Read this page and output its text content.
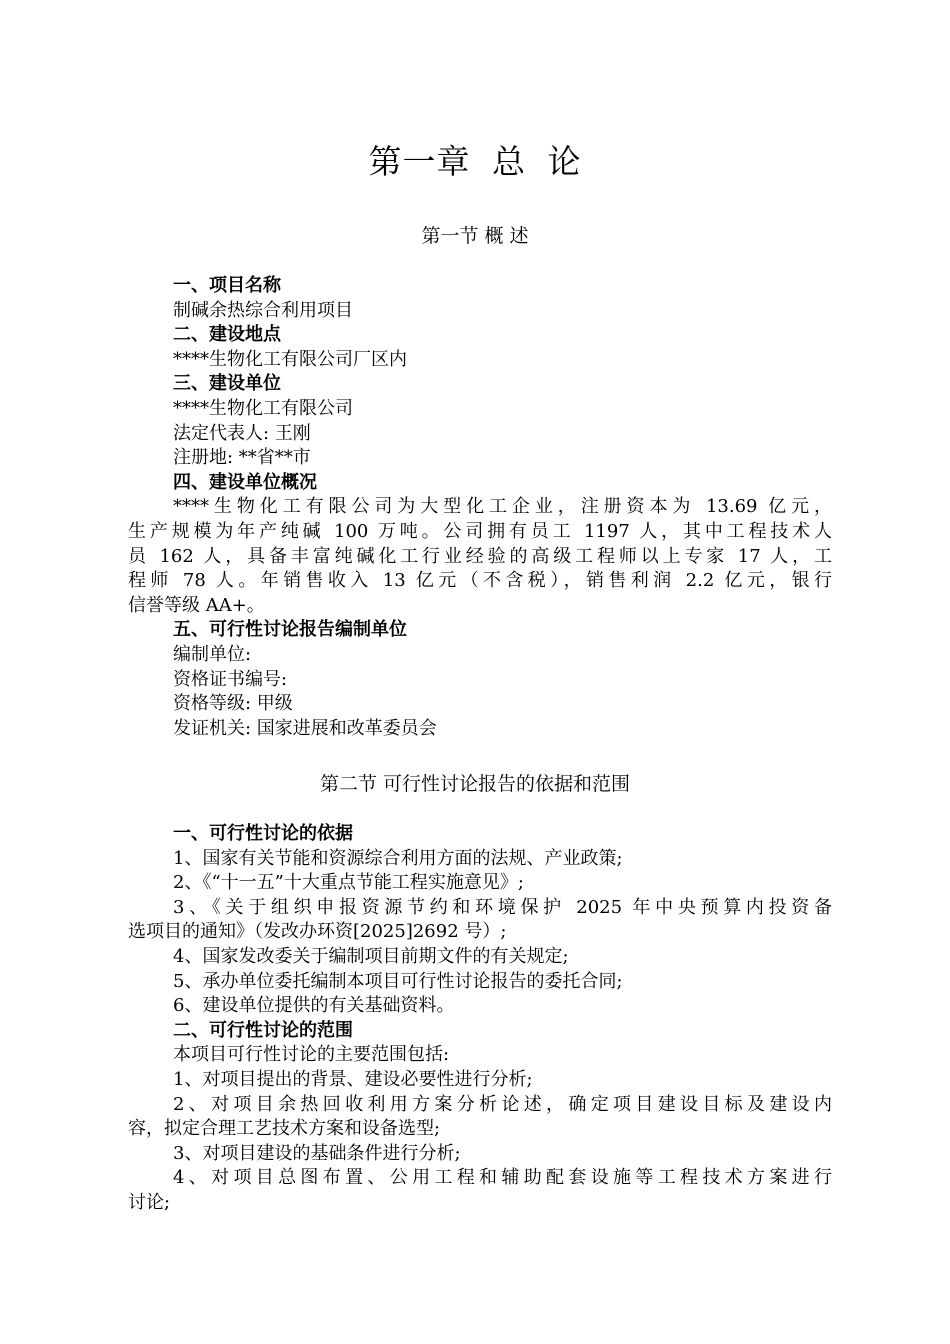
第一章 总 论
第一节 概 述
一、项目名称
制碱余热综合利用项目
二、建设地点
****生物化工有限公司厂区内
三、建设单位
****生物化工有限公司
法定代表人: 王刚
注册地: **省**市
四、建设单位概况
****生物化工有限公司为大型化工企业，注册资本为 13.69 亿元，
生产规模为年产纯碱 100 万吨。公司拥有员工 1197 人，其中工程技术人
员 162 人，具备丰富纯碱化工行业经验的高级工程师以上专家 17 人，工
程师 78 人。年销售收入 13 亿元（不含税），销售利润 2.2 亿元，银行
信誉等级 AA+。
五、可行性讨论报告编制单位
编制单位:
资格证书编号:
资格等级: 甲级
发证机关: 国家进展和改革委员会
第二节 可行性讨论报告的依据和范围
一、可行性讨论的依据
1、国家有关节能和资源综合利用方面的法规、产业政策;
2、《“十一五”十大重点节能工程实施意见》;
3、《关于组织申报资源节约和环境保护 2025 年中央预算内投资备
选项目的通知》（发改办环资[2025]2692 号）;
4、国家发改委关于编制项目前期文件的有关规定;
5、承办单位委托编制本项目可行性讨论报告的委托合同;
6、建设单位提供的有关基础资料。
二、可行性讨论的范围
本项目可行性讨论的主要范围包括:
1、对项目提出的背景、建设必要性进行分析;
2、对项目余热回收利用方案分析论述，确定项目建设目标及建设内
容，拟定合理工艺技术方案和设备选型;
3、对项目建设的基础条件进行分析;
4、对项目总图布置、公用工程和辅助配套设施等工程技术方案进行
讨论;
